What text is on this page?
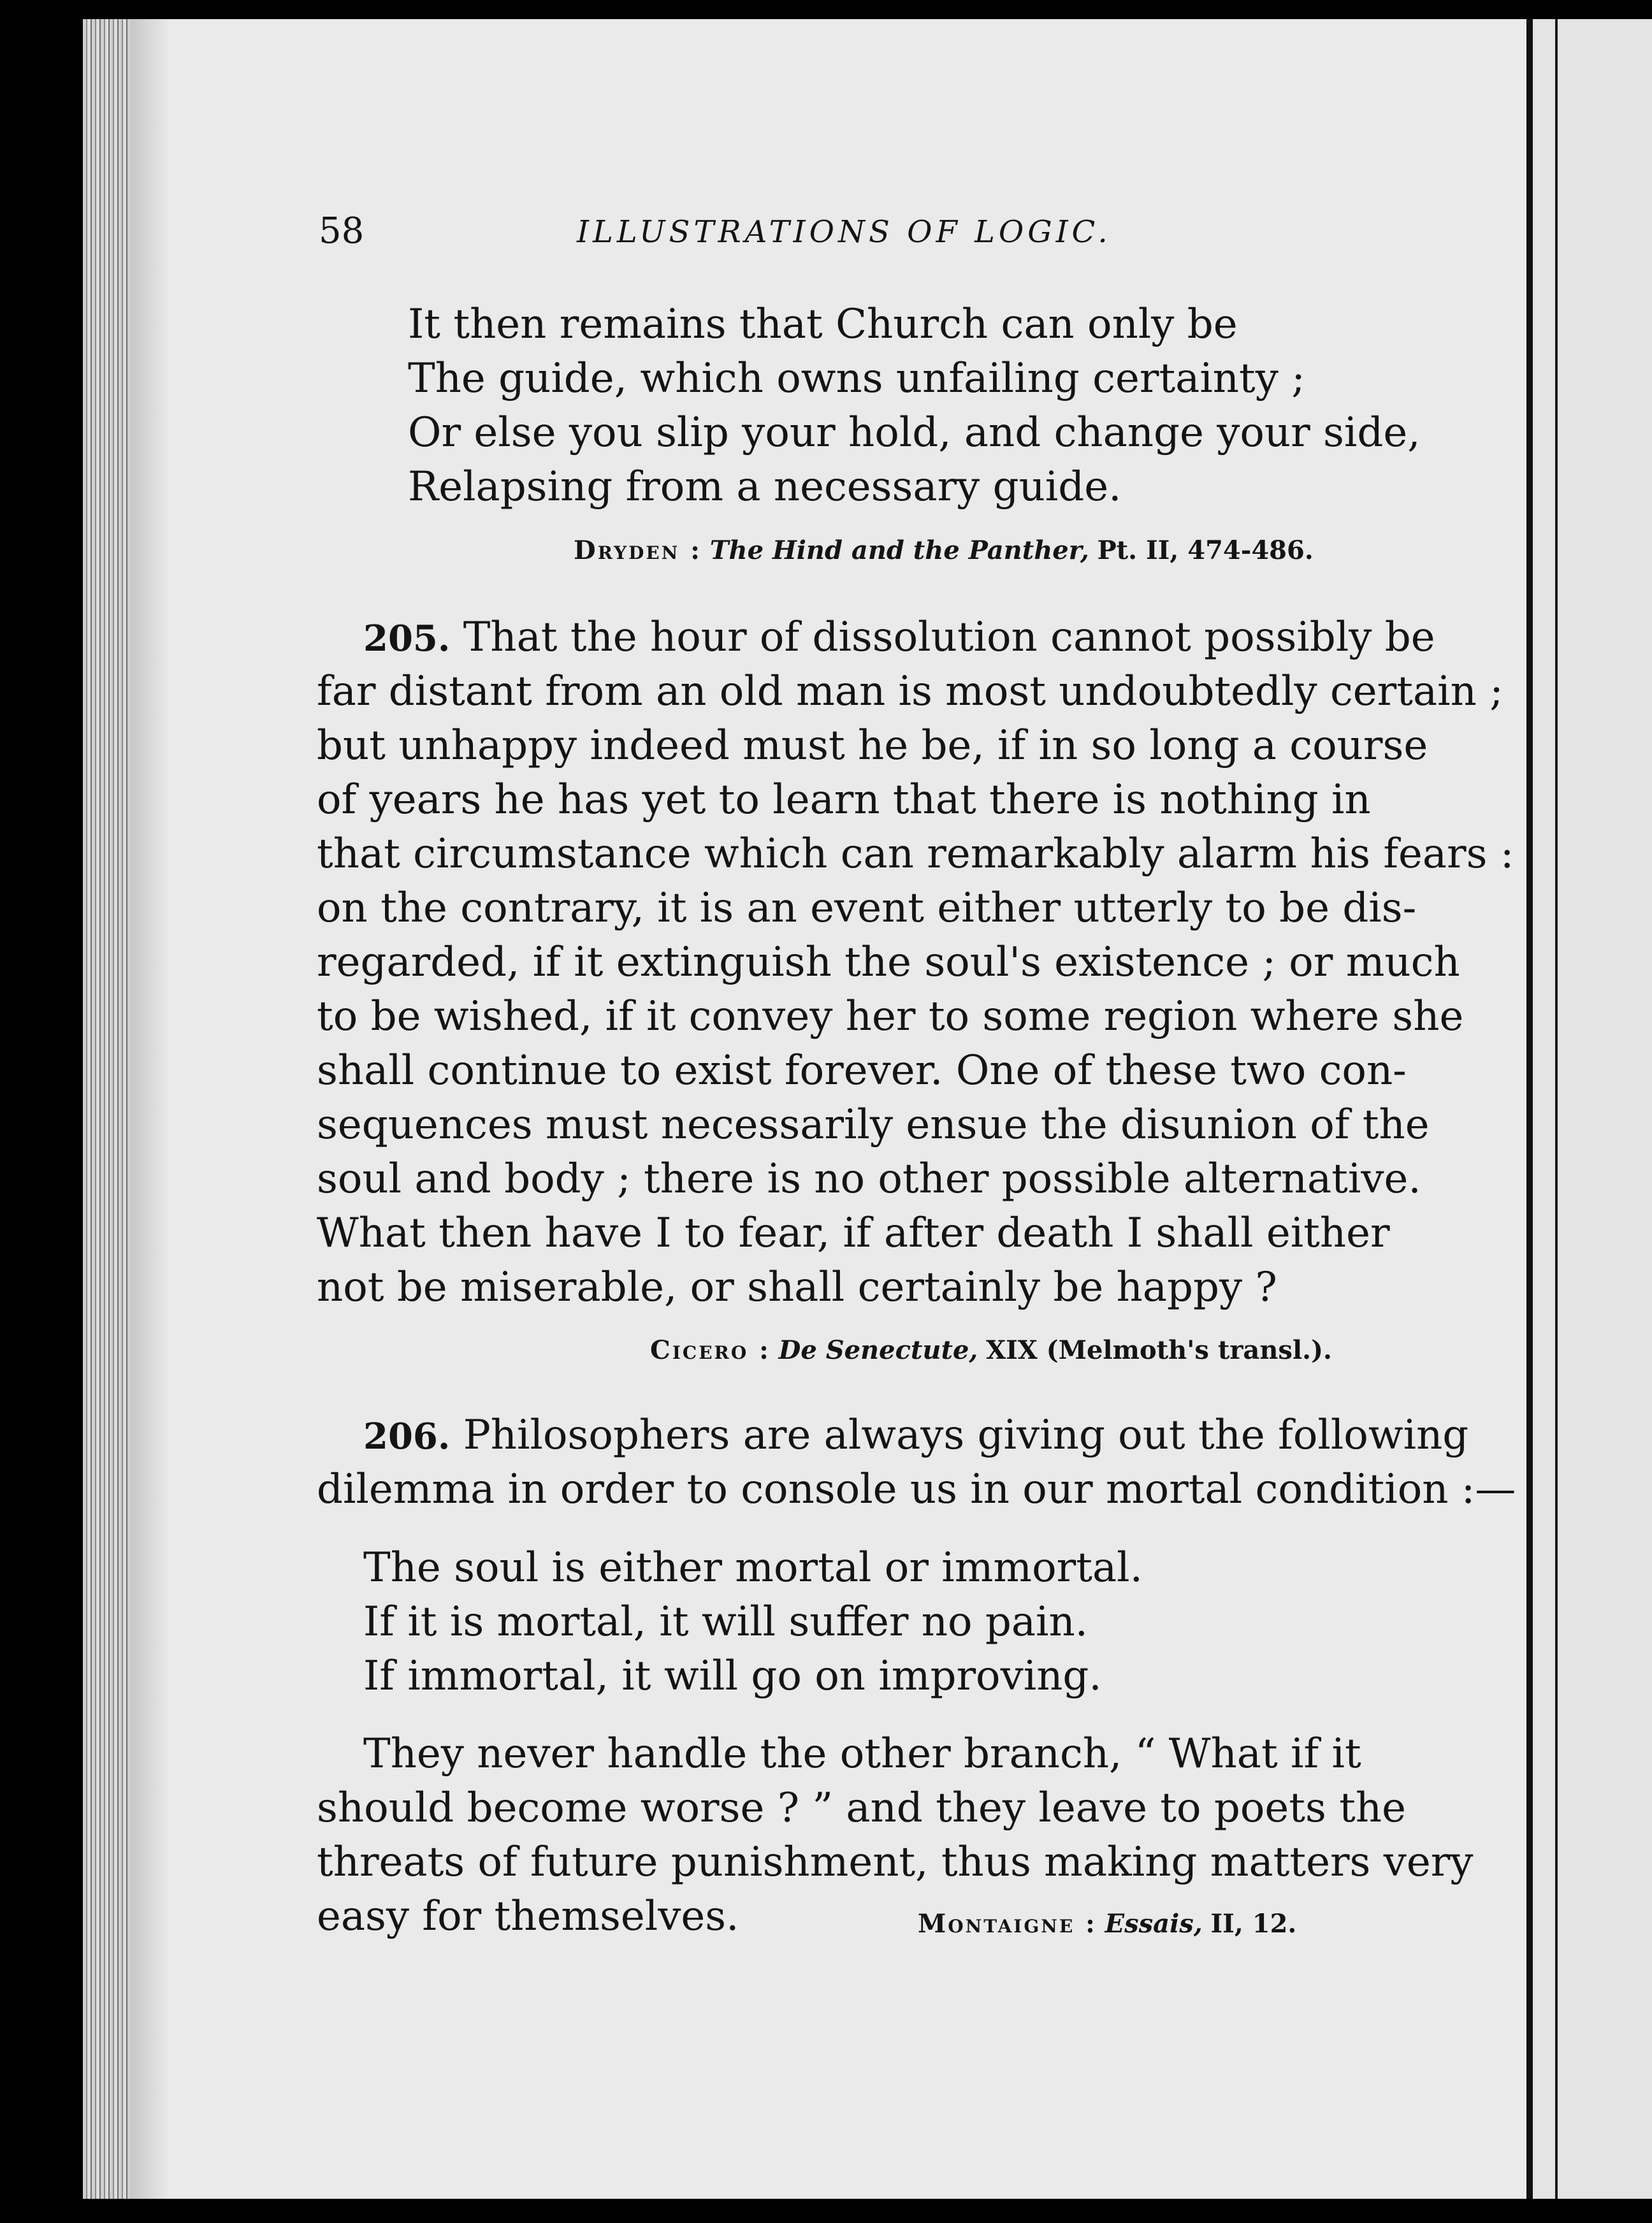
58	ILLUSTRATIONS OF LOGIC.

It then remains that Church can only be

The guide, which owns unfailing certainty ;

Or else you slip your hold, and change your side,

Relapsing from a necessary guide.

Dryden : The Hind and the Panther, Pt. II, 474-486.

205. That the hour of dissolution cannot possibly be

far distant from an old man is most undoubtedly certain ;

but unhappy indeed must he be, if in so long a course

of years he has yet to learn that there is nothing in

that circumstance which can remarkably alarm his fears :

on the contrary, it is an event either utterly to be dis-

regarded, if it extinguish the soul's existence ; or much

to be wished, if it convey her to some region where she

shall continue to exist forever. One of these two con-

sequences must necessarily ensue the disunion of the

soul and body ; there is no other possible alternative.

What then have I to fear, if after death I shall either

not be miserable, or shall certainly be happy ?

Cicero : De Senectute, XIX (Melmoth's transl.).

206. Philosophers are always giving out the following

dilemma in order to console us in our mortal condition :—

The soul is either mortal or immortal.

If it is mortal, it will suffer no pain.

If immortal, it will go on improving.

They never handle the other branch, “ What if it

should become worse ? ” and they leave to poets the

threats of future punishment, thus making matters very

easy for themselves.	Montaigne : Essais, II, 12.
